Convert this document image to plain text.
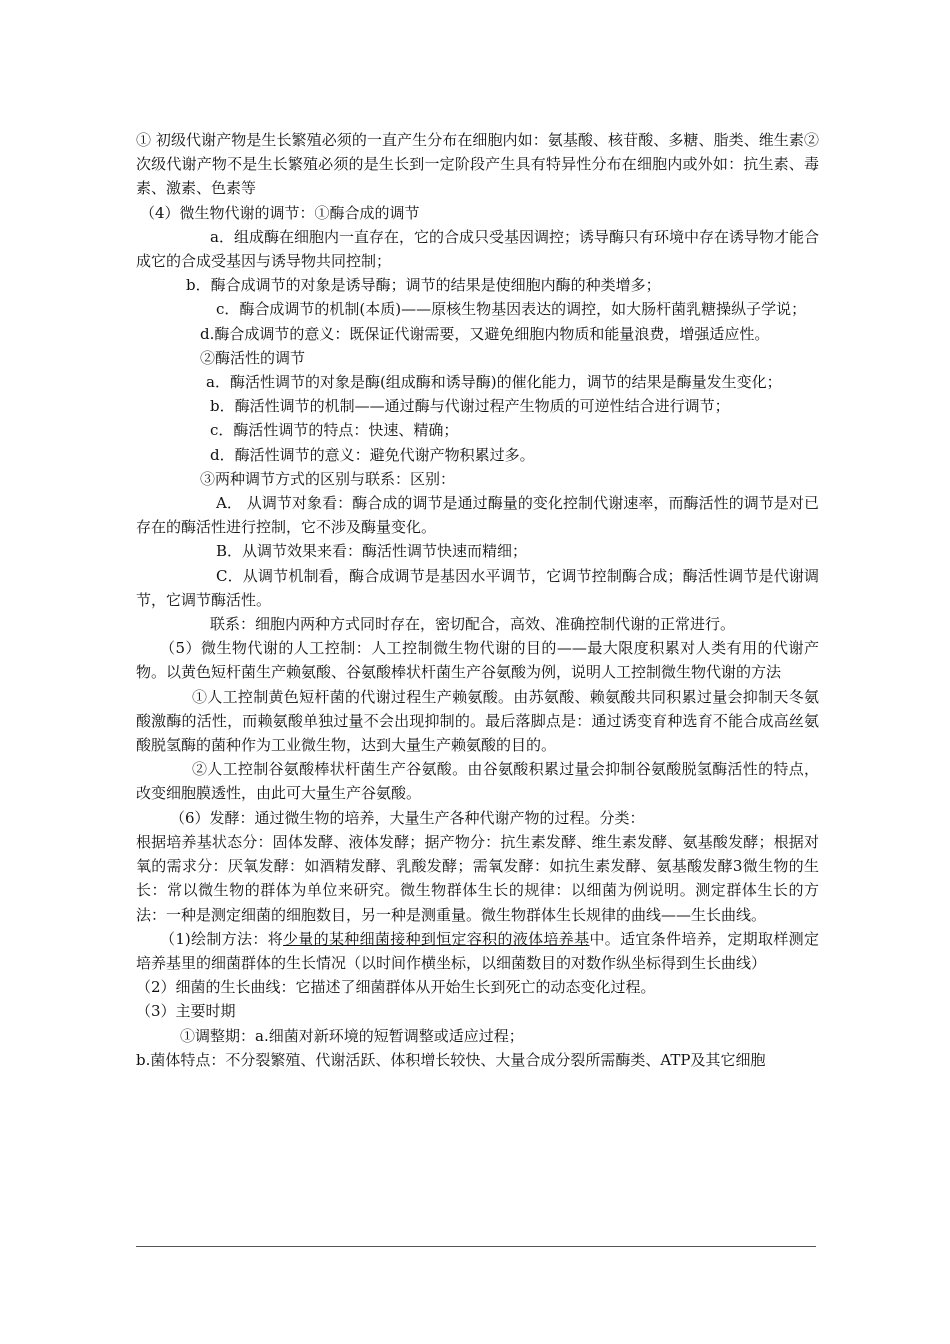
① 初级代谢产物是生长繁殖必须的一直产生分布在细胞内如：氨基酸、核苷酸、多糖、脂类、维生素②次级代谢产物不是生长繁殖必须的是生长到一定阶段产生具有特异性分布在细胞内或外如：抗生素、毒素、激素、色素等

（4）微生物代谢的调节：①酶合成的调节

a．组成酶在细胞内一直存在，它的合成只受基因调控；诱导酶只有环境中存在诱导物才能合成它的合成受基因与诱导物共同控制；

b．酶合成调节的对象是诱导酶；调节的结果是使细胞内酶的种类增多；

c．酶合成调节的机制(本质)——原核生物基因表达的调控，如大肠杆菌乳糖操纵子学说；

d.酶合成调节的意义：既保证代谢需要，又避免细胞内物质和能量浪费，增强适应性。

②酶活性的调节

a．酶活性调节的对象是酶(组成酶和诱导酶)的催化能力，调节的结果是酶量发生变化；

b．酶活性调节的机制——通过酶与代谢过程产生物质的可逆性结合进行调节；

c．酶活性调节的特点：快速、精确；

d．酶活性调节的意义：避免代谢产物积累过多。

③两种调节方式的区别与联系：区别：

A． 从调节对象看：酶合成的调节是通过酶量的变化控制代谢速率，而酶活性的调节是对已存在的酶活性进行控制，它不涉及酶量变化。

B．从调节效果来看：酶活性调节快速而精细；

C．从调节机制看，酶合成调节是基因水平调节，它调节控制酶合成；酶活性调节是代谢调节，它调节酶活性。

联系：细胞内两种方式同时存在，密切配合，高效、准确控制代谢的正常进行。

（5）微生物代谢的人工控制：人工控制微生物代谢的目的——最大限度积累对人类有用的代谢产物。以黄色短杆菌生产赖氨酸、谷氨酸棒状杆菌生产谷氨酸为例，说明人工控制微生物代谢的方法

①人工控制黄色短杆菌的代谢过程生产赖氨酸。由苏氨酸、赖氨酸共同积累过量会抑制天冬氨酸激酶的活性，而赖氨酸单独过量不会出现抑制的。最后落脚点是：通过诱变育种选育不能合成高丝氨酸脱氢酶的菌种作为工业微生物，达到大量生产赖氨酸的目的。

②人工控制谷氨酸棒状杆菌生产谷氨酸。由谷氨酸积累过量会抑制谷氨酸脱氢酶活性的特点，改变细胞膜透性，由此可大量生产谷氨酸。

（6）发酵：通过微生物的培养，大量生产各种代谢产物的过程。分类：

根据培养基状态分：固体发酵、液体发酵；据产物分：抗生素发酵、维生素发酵、氨基酸发酵；根据对氧的需求分：厌氧发酵：如酒精发酵、乳酸发酵；需氧发酵：如抗生素发酵、氨基酸发酵3微生物的生长：常以微生物的群体为单位来研究。微生物群体生长的规律：以细菌为例说明。测定群体生长的方法：一种是测定细菌的细胞数目，另一种是测重量。微生物群体生长规律的曲线——生长曲线。

（1)绘制方法：将少量的某种细菌接种到恒定容积的液体培养基中。适宜条件培养，定期取样测定培养基里的细菌群体的生长情况（以时间作横坐标，以细菌数目的对数作纵坐标得到生长曲线）

（2）细菌的生长曲线：它描述了细菌群体从开始生长到死亡的动态变化过程。

（3）主要时期

①调整期：a.细菌对新环境的短暂调整或适应过程；

b.菌体特点：不分裂繁殖、代谢活跃、体积增长较快、大量合成分裂所需酶类、ATP及其它细胞
